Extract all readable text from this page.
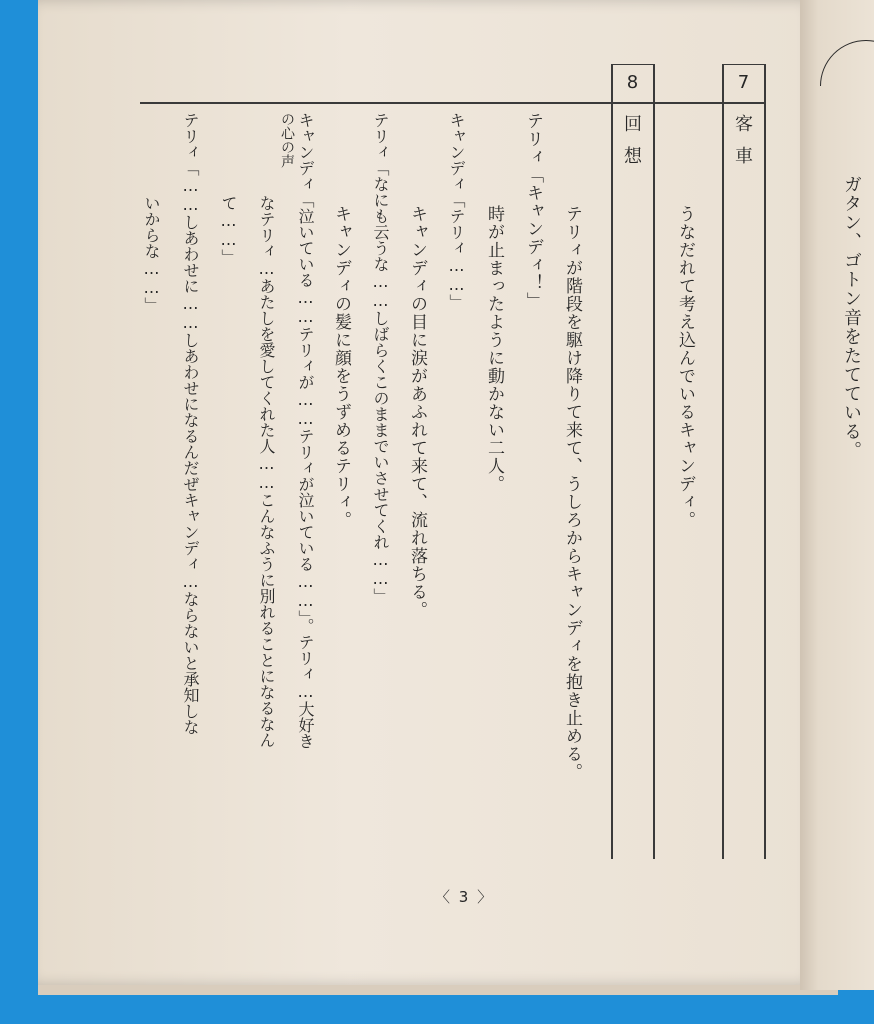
7
8
客車
回想
うなだれて考え込んでいるキャンディ。
テリィが階段を駆け降りて来て、うしろからキャンディを抱き止める。
テリィ「キャンディ！」
時が止まったように動かない二人。
キャンディ「テリィ……」
キャンディの目に涙があふれて来て、流れ落ちる。
テリィ「なにも云うな……しばらくこのままでいさせてくれ……」
キャンディの髪に顔をうずめるテリィ。
の心の声 キャンディ「泣いている……テリィが……テリィが泣いている……」。テリィ…大好き
なテリィ…あたしを愛してくれた人……こんなふうに別れることになるなん
て……」
テリィ「……しあわせに……しあわせになるんだぜキャンディ…ならないと承知しな
いからな……」	ガタン、ゴトン音をたてている。
〈 3 〉
